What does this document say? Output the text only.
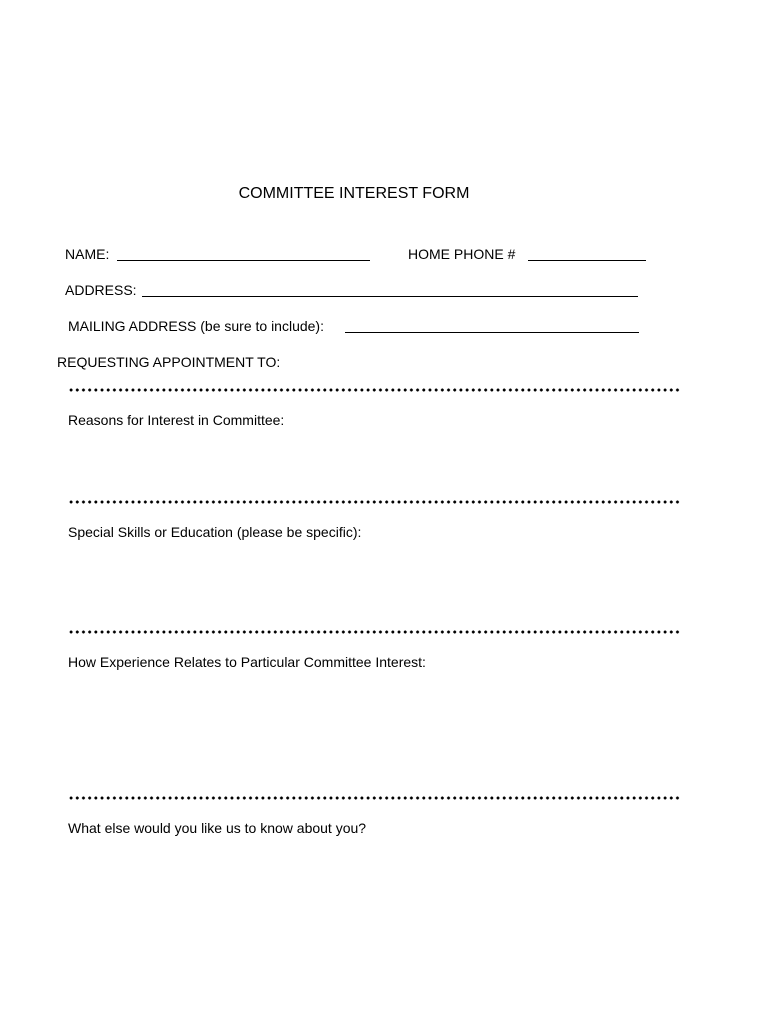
COMMITTEE INTEREST FORM
NAME:	HOME PHONE #
ADDRESS:
MAILING ADDRESS (be sure to include):
REQUESTING APPOINTMENT TO:
Reasons for Interest in Committee:
Special Skills or Education (please be specific):
How Experience Relates to Particular Committee Interest:
What else would you like us to know about you?
